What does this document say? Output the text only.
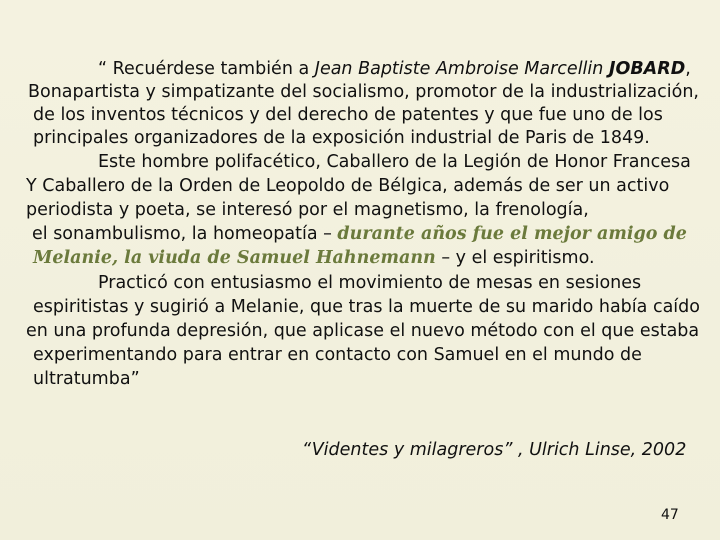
“ Recuérdese también a Jean Baptiste Ambroise Marcellin JOBARD,
Bonapartista y simpatizante del socialismo, promotor de la industrialización,
de los inventos técnicos y del derecho de patentes y que fue uno de los
principales organizadores de la exposición industrial de Paris de 1849.
Este hombre polifacético, Caballero de la Legión de Honor Francesa
Y Caballero de la Orden de Leopoldo de Bélgica, además de ser un activo
periodista y poeta, se interesó por el magnetismo, la frenología,
el sonambulismo, la homeopatía – durante años fue el mejor amigo de
Melanie, la viuda de Samuel Hahnemann – y el espiritismo.
Practicó con entusiasmo el movimiento de mesas en sesiones
espiritistas y sugirió a Melanie, que tras la muerte de su marido había caído
en una profunda depresión, que aplicase el nuevo método con el que estaba
experimentando para entrar en contacto con Samuel en el mundo de
ultratumba”
“Videntes y milagreros” , Ulrich Linse, 2002
47
